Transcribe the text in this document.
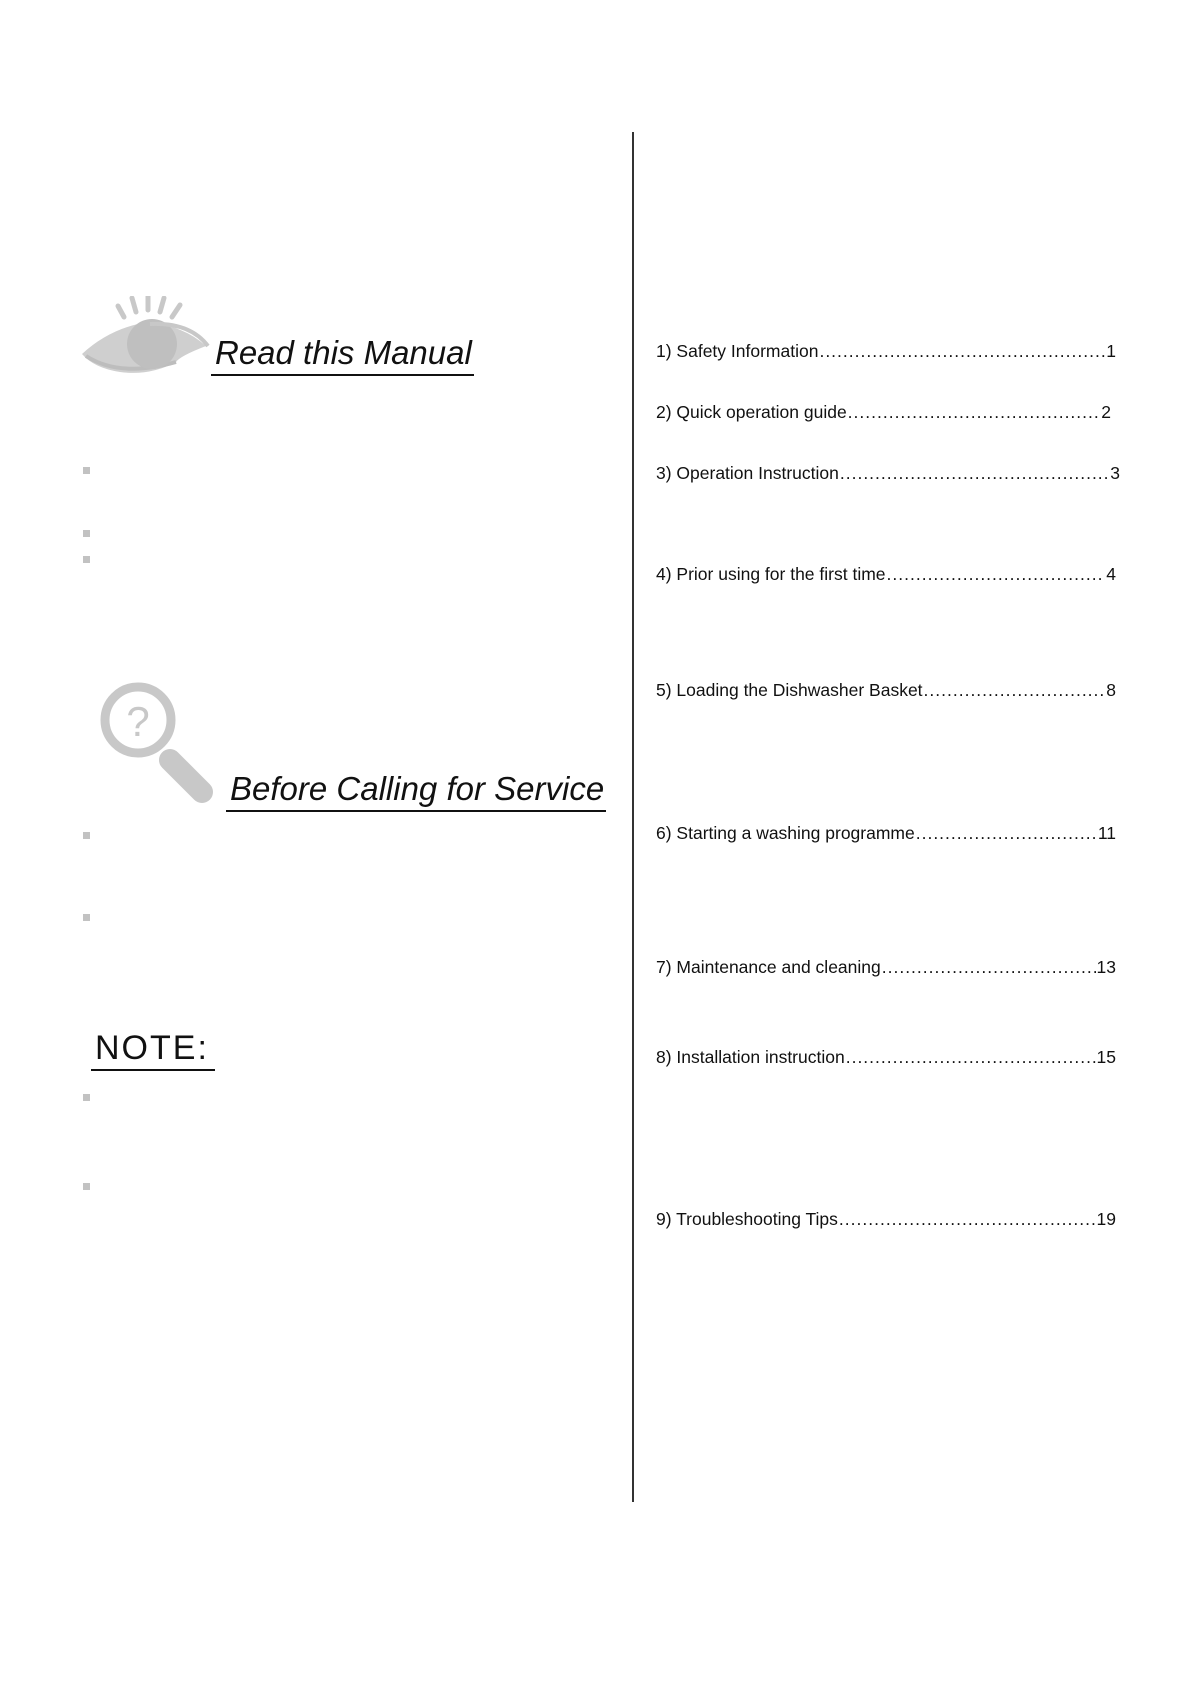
Read this Manual
?
Before Calling for Service
NOTE:
1) Safety Information .....	1
2) Quick operation guide .....	2
3) Operation Instruction .....	3
4) Prior using for the first time .....	4
5) Loading the Dishwasher Basket .....	8
6) Starting a washing programme .....	11
7) Maintenance and cleaning .....	13
8) Installation instruction .....	15
9) Troubleshooting Tips .....	19
